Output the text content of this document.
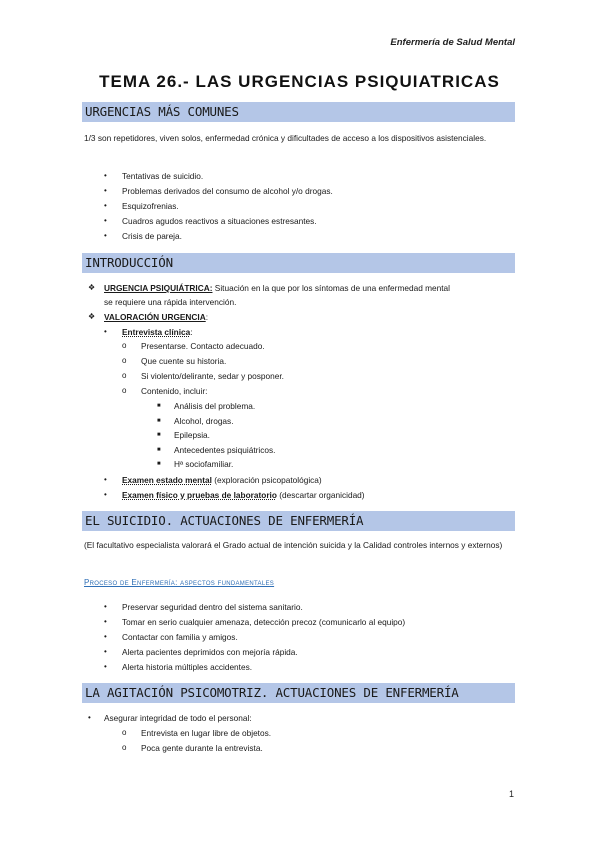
Enfermería de Salud Mental
TEMA 26.- LAS URGENCIAS PSIQUIATRICAS
URGENCIAS MÁS COMUNES
1/3 son repetidores, viven solos, enfermedad crónica y dificultades de acceso a los dispositivos asistenciales.
• Tentativas de suicidio.
• Problemas derivados del consumo de alcohol y/o drogas.
• Esquizofrenias.
• Cuadros agudos reactivos a situaciones estresantes.
• Crisis de pareja.
INTRODUCCIÓN
❖ URGENCIA PSIQUIÁTRICA: Situación en la que por los síntomas de una enfermedad mental
se requiere una rápida intervención.
❖ VALORACIÓN URGENCIA:
• Entrevista clínica:
o Presentarse. Contacto adecuado.
o Que cuente su historia.
o Si violento/delirante, sedar y posponer.
o Contenido, incluir:
■ Análisis del problema.
■ Alcohol, drogas.
■ Epilepsia.
■ Antecedentes psiquiátricos.
■ Hª sociofamiliar.
• Examen estado mental (exploración psicopatológica)
• Examen físico y pruebas de laboratorio (descartar organicidad)
EL SUICIDIO. ACTUACIONES DE ENFERMERÍA
(El facultativo especialista valorará el Grado actual de intención suicida y la Calidad controles internos y externos)
Proceso de Enfermería: aspectos fundamentales
• Preservar seguridad dentro del sistema sanitario.
• Tomar en serio cualquier amenaza, detección precoz (comunicarlo al equipo)
• Contactar con familia y amigos.
• Alerta pacientes deprimidos con mejoría rápida.
• Alerta historia múltiples accidentes.
LA AGITACIÓN PSICOMOTRIZ. ACTUACIONES DE ENFERMERÍA
• Asegurar integridad de todo el personal:
o Entrevista en lugar libre de objetos.
o Poca gente durante la entrevista.
1
